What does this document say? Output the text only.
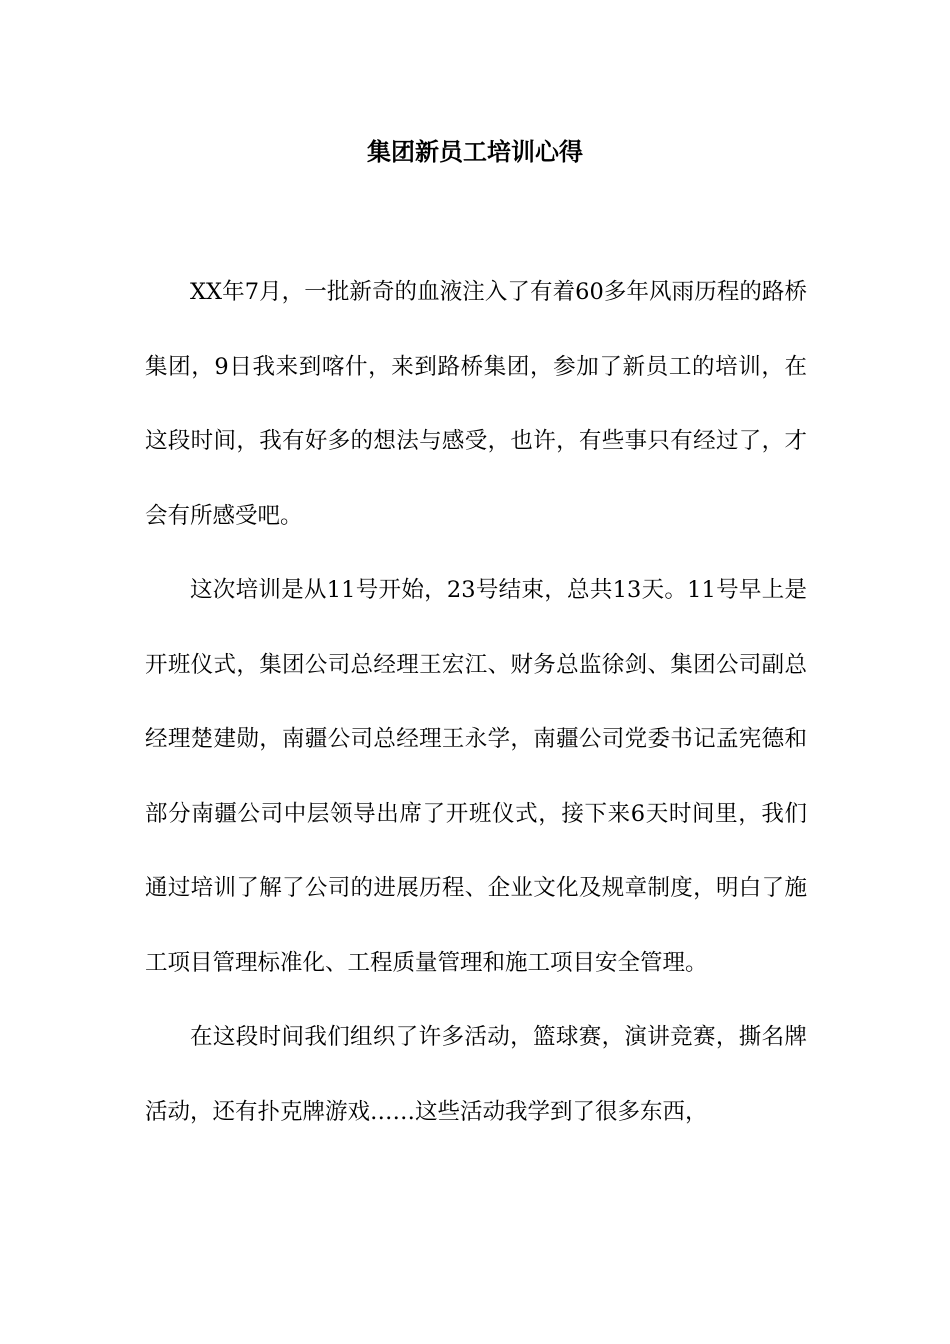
集团新员工培训心得

XX年7月，一批新奇的血液注入了有着60多年风雨历程的路桥集团，9日我来到喀什，来到路桥集团，参加了新员工的培训，在这段时间，我有好多的想法与感受，也许，有些事只有经过了，才会有所感受吧。

这次培训是从11号开始，23号结束，总共13天。11号早上是开班仪式，集团公司总经理王宏江、财务总监徐剑、集团公司副总经理楚建勋，南疆公司总经理王永学，南疆公司党委书记孟宪德和部分南疆公司中层领导出席了开班仪式，接下来6天时间里，我们通过培训了解了公司的进展历程、企业文化及规章制度，明白了施工项目管理标准化、工程质量管理和施工项目安全管理。

在这段时间我们组织了许多活动，篮球赛，演讲竞赛，撕名牌活动，还有扑克牌游戏……这些活动我学到了很多东西，
